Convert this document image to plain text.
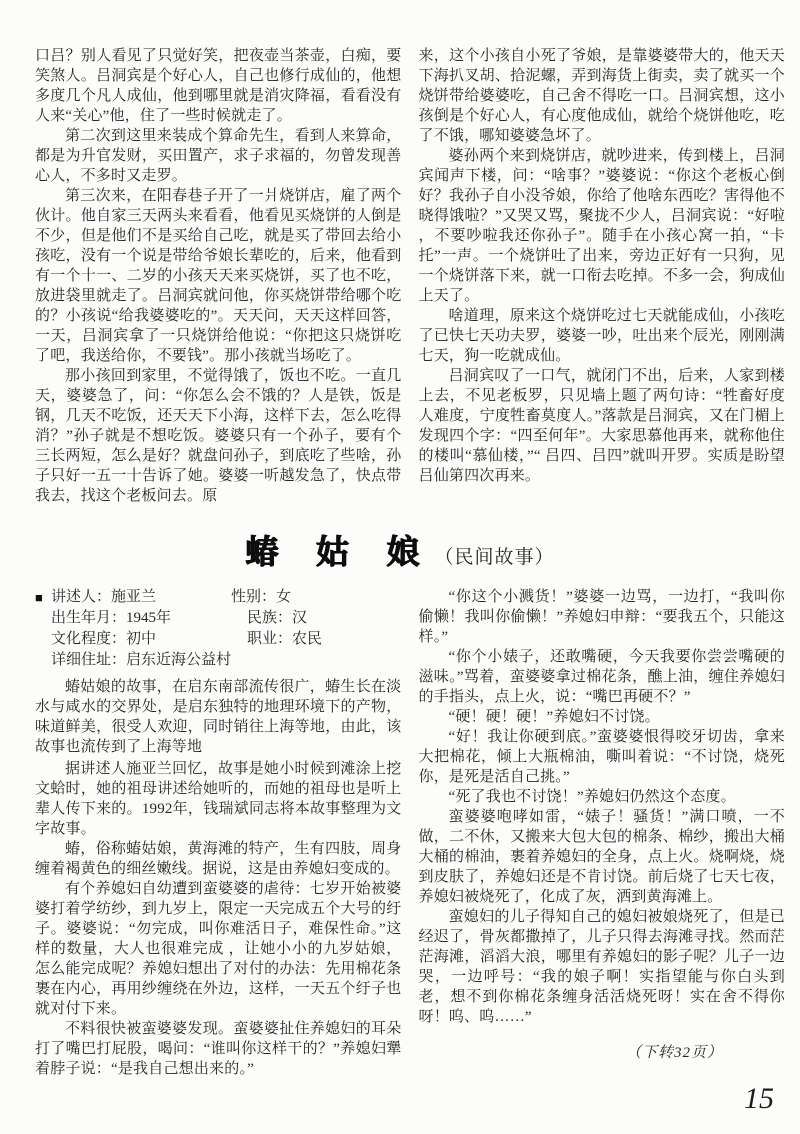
口吕？别人看见了只觉好笑，把夜壶当茶壶，白痴，要笑煞人。吕洞宾是个好心人，自己也修行成仙的，他想多度几个凡人成仙，他到哪里就是消灾降福，看看没有人来“关心”他，住了一些时候就走了。

第二次到这里来装成个算命先生，看到人来算命，都是为升官发财，买田置产，求子求福的，勿曾发现善心人，不多时又走罗。

第三次来，在阳春巷子开了一爿烧饼店，雇了两个伙计。他自家三天两头来看看，他看见买烧饼的人倒是不少，但是他们不是买给自己吃，就是买了带回去给小孩吃，没有一个说是带给爷娘长辈吃的，后来，他看到有一个十一、二岁的小孩天天来买烧饼，买了也不吃，放进袋里就走了。吕洞宾就问他，你买烧饼带给哪个吃的？小孩说“给我婆婆吃的”。天天问，天天这样回答，一天，吕洞宾拿了一只烧饼给他说：“你把这只烧饼吃了吧，我送给你，不要钱”。那小孩就当场吃了。

那小孩回到家里，不觉得饿了，饭也不吃。一直几天，婆婆急了，问：“你怎么会不饿的？人是铁，饭是钢，几天不吃饭，还天天下小海，这样下去，怎么吃得消？”孙子就是不想吃饭。婆婆只有一个孙子，要有个三长两短，怎么是好？就盘问孙子，到底吃了些啥，孙子只好一五一十告诉了她。婆婆一听越发急了，快点带我去，找这个老板问去。原

来，这个小孩自小死了爷娘，是靠婆婆带大的，他天天下海扒叉胡、拾泥螺，弄到海货上街卖，卖了就买一个烧饼带给婆婆吃，自己舍不得吃一口。吕洞宾想，这小孩倒是个好心人，有心度他成仙，就给个烧饼他吃，吃了不饿，哪知婆婆急坏了。

婆孙两个来到烧饼店，就吵进来，传到楼上，吕洞宾闻声下楼，问：“啥事？”婆婆说：“你这个老板心倒好？我孙子自小没爷娘，你给了他啥东西吃？害得他不晓得饿啦？”又哭又骂，聚拢不少人，吕洞宾说：“好啦 ，不要吵啦我还你孙子”。随手在小孩心窝一拍，“卡托”一声。一个烧饼吐了出来，旁边正好有一只狗，见一个烧饼落下来，就一口衔去吃掉。不多一会，狗成仙上天了。

啥道理，原来这个烧饼吃过七天就能成仙，小孩吃了已快七天功夫罗，婆婆一吵，吐出来个辰光，刚刚满七天，狗一吃就成仙。

吕洞宾叹了一口气，就闭门不出，后来，人家到楼上去，不见老板罗，只见墙上题了两句诗：“牲畜好度人难度，宁度牲畜莫度人。”落款是吕洞宾，又在门楣上发现四个字：“四至何年”。大家思慕他再来，就称他住的楼叫“慕仙楼，”“ 吕四、吕四”就叫开罗。实质是盼望吕仙第四次再来。

蝽 姑 娘 （民间故事）
■ 讲述人： 施亚兰	性别：女
出生年月： 1945年	民族：汉
文化程度： 初中	职业：农民
详细住址：启东近海公益村

蝽姑娘的故事，在启东南部流传很广，蝽生长在淡水与咸水的交界处，是启东独特的地理环境下的产物，味道鲜美，很受人欢迎，同时销往上海等地，由此，该故事也流传到了上海等地

据讲述人施亚兰回忆，故事是她小时候到滩涂上挖文蛤时，她的祖母讲述给她听的，而她的祖母也是听上辈人传下来的。1992年，钱瑞斌同志将本故事整理为文字故事。

蝽，俗称蝽姑娘，黄海滩的特产，生有四肢，周身缠着褐黄色的细丝嫩线。据说，这是由养媳妇变成的。

有个养媳妇自幼遭到蛮婆婆的虐待：七岁开始被婆婆打着学纺纱，到九岁上，限定一天完成五个大号的纡子。婆婆说：“勿完成，叫你难活日子，难保性命。”这样的数量，大人也很难完成 ，让她小小的九岁姑娘，怎么能完成呢？养媳妇想出了对付的办法：先用棉花条裹在内心，再用纱缠绕在外边，这样，一天五个纡子也就对付下来。

不料很快被蛮婆婆发现。蛮婆婆扯住养媳妇的耳朵打了嘴巴打屁股，喝问：“谁叫你这样干的？”养媳妇犟着脖子说：“是我自己想出来的。”

“你这个小溅货！”婆婆一边骂，一边打，“我叫你偷懒！我叫你偷懒！”养媳妇申辩：“要我五个，只能这样。”

“你个小婊子，还敢嘴硬，今天我要你尝尝嘴硬的滋味。”骂着，蛮婆婆拿过棉花条，醮上油，缠住养媳妇的手指头，点上火，说：“嘴巴再硬不？”

“硬！硬！硬！”养媳妇不讨饶。

“好！我让你硬到底。”蛮婆婆恨得咬牙切齿，拿来大把棉花，倾上大瓶棉油，嘶叫着说：“不讨饶，烧死你，是死是活自己挑。”

“死了我也不讨饶！”养媳妇仍然这个态度。

蛮婆婆咆哮如雷，“婊子！骚货！”满口喷，一不做，二不休，又搬来大包大包的棉条、棉纱，搬出大桶大桶的棉油，裹着养媳妇的全身，点上火。烧啊烧，烧到皮肤了，养媳妇还是不肯讨饶。前后烧了七天七夜，养媳妇被烧死了，化成了灰，洒到黄海滩上。

蛮媳妇的儿子得知自己的媳妇被娘烧死了，但是已经迟了，骨灰都撒掉了，儿子只得去海滩寻找。然而茫茫海滩，滔滔大浪，哪里有养媳妇的影子呢？儿子一边哭，一边呼号：“我的娘子啊！实指望能与你白头到老，想不到你棉花条缠身活活烧死呀！实在舍不得你呀！呜、呜……”

（下转32页）
15
